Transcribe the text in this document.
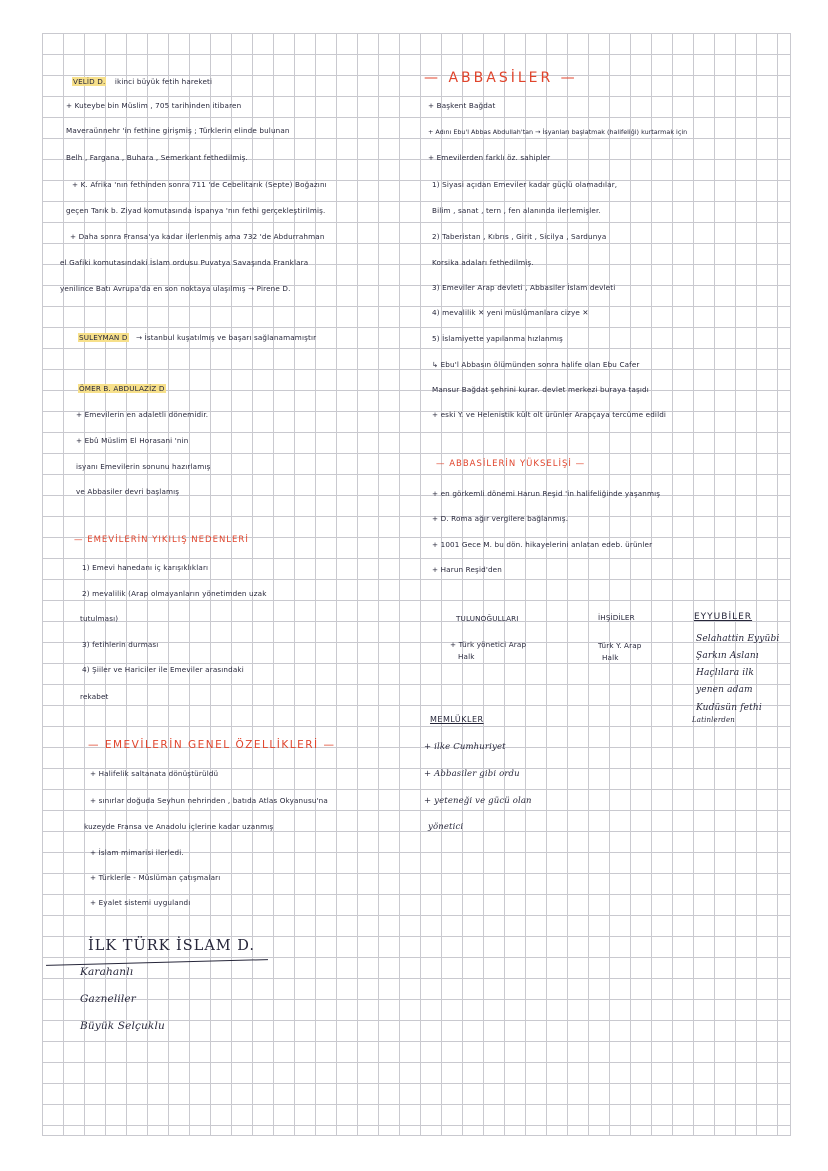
VELİD D. ikinci büyük fetih hareketi
+ Kuteybe bin Müslim , 705 tarihinden itibaren
Maveraünnehr 'in fethine girişmiş ; Türklerin elinde bulunan
Belh , Fargana , Buhara , Semerkant fethedilmiş.
+ K. Afrika 'nın fethinden sonra 711 'de Cebelitarık (Septe) Boğazını
geçen Tarık b. Ziyad komutasında İspanya 'nın fethi gerçekleştirilmiş.
+ Daha sonra Fransa'ya kadar ilerlenmiş ama 732 'de Abdurrahman
el Gafiki komutasındaki İslam ordusu Puvatya Savaşında Franklara
yenilince Batı Avrupa'da en son noktaya ulaşılmış → Pirene D.
SULEYMAN D → İstanbul kuşatılmış ve başarı sağlanamamıştır
ÖMER B. ABDULAZİZ D
+ Emevilerin en adaletli dönemidir.
+ Ebû Müslim El Horasani 'nin
isyanı Emevilerin sonunu hazırlamış
ve Abbasiler devri başlamış
— EMEVİLERİN YIKILIŞ NEDENLERİ
1) Emevi hanedanı iç karışıklıkları
2) mevalilik (Arap olmayanların yönetimden uzak
tutulması)
3) fetihlerin durması
4) Şiiler ve Hariciler ile Emeviler arasındaki
rekabet
— EMEVİLERİN GENEL ÖZELLİKLERİ —
+ Halifelik saltanata dönüştürüldü
+ sınırlar doğuda Seyhun nehrinden , batıda Atlas Okyanusu'na
kuzeyde Fransa ve Anadolu içlerine kadar uzanmış
+ İslam mimarisi ilerledi.
+ Türklerle - Müslüman çatışmaları
+ Eyalet sistemi uygulandı
İLK TÜRK İSLAM D.
Karahanlı
Gazneliler
Büyük Selçuklu
— ABBASİLER —
+ Başkent Bağdat
+ Adını Ebu'l Abbas Abdullah'tan → İsyanları başlatmak (halifeliği) kurtarmak için
+ Emevilerden farklı öz. sahipler
1) Siyasi açıdan Emeviler kadar güçlü olamadılar,
Bilim , sanat , tern , fen alanında ilerlemişler.
2) Taberistan , Kıbrıs , Girit , Sicilya , Sardunya
Korsika adaları fethedilmiş.
3) Emeviler Arap devleti , Abbasiler İslam devleti
4) mevalilik ✕ yeni müslümanlara cizye ✕
5) İslamiyette yapılanma hızlanmış
↳ Ebu'l Abbasın ölümünden sonra halife olan Ebu Cafer
Mansur Bağdat şehrini kurar. devlet merkezi buraya taşıdı
+ eski Y. ve Helenistik kült olt ürünler Arapçaya tercüme edildi
— ABBASİLERİN YÜKSELİŞİ —
+ en görkemli dönemi Harun Reşid 'in halifeliğinde yaşanmış
+ D. Roma ağır vergilere bağlanmış.
+ 1001 Gece M. bu dön. hikayelerini anlatan edeb. ürünler
+ Harun Reşid'den
TULUNOĞULLARI
+ Türk yönetici Arap
Halk
İHŞİDİLER
Türk Y. Arap
Halk
EYYUBİLER
Selahattin Eyyübi
Şarkın Aslanı
Haçlılara ilk
yenen adam
Kudüsün fethi
Latinlerden
MEMLÜKLER
+ ilke Cumhuriyet
+ Abbasiler gibi ordu
+ yeteneği ve gücü olan
yönetici
